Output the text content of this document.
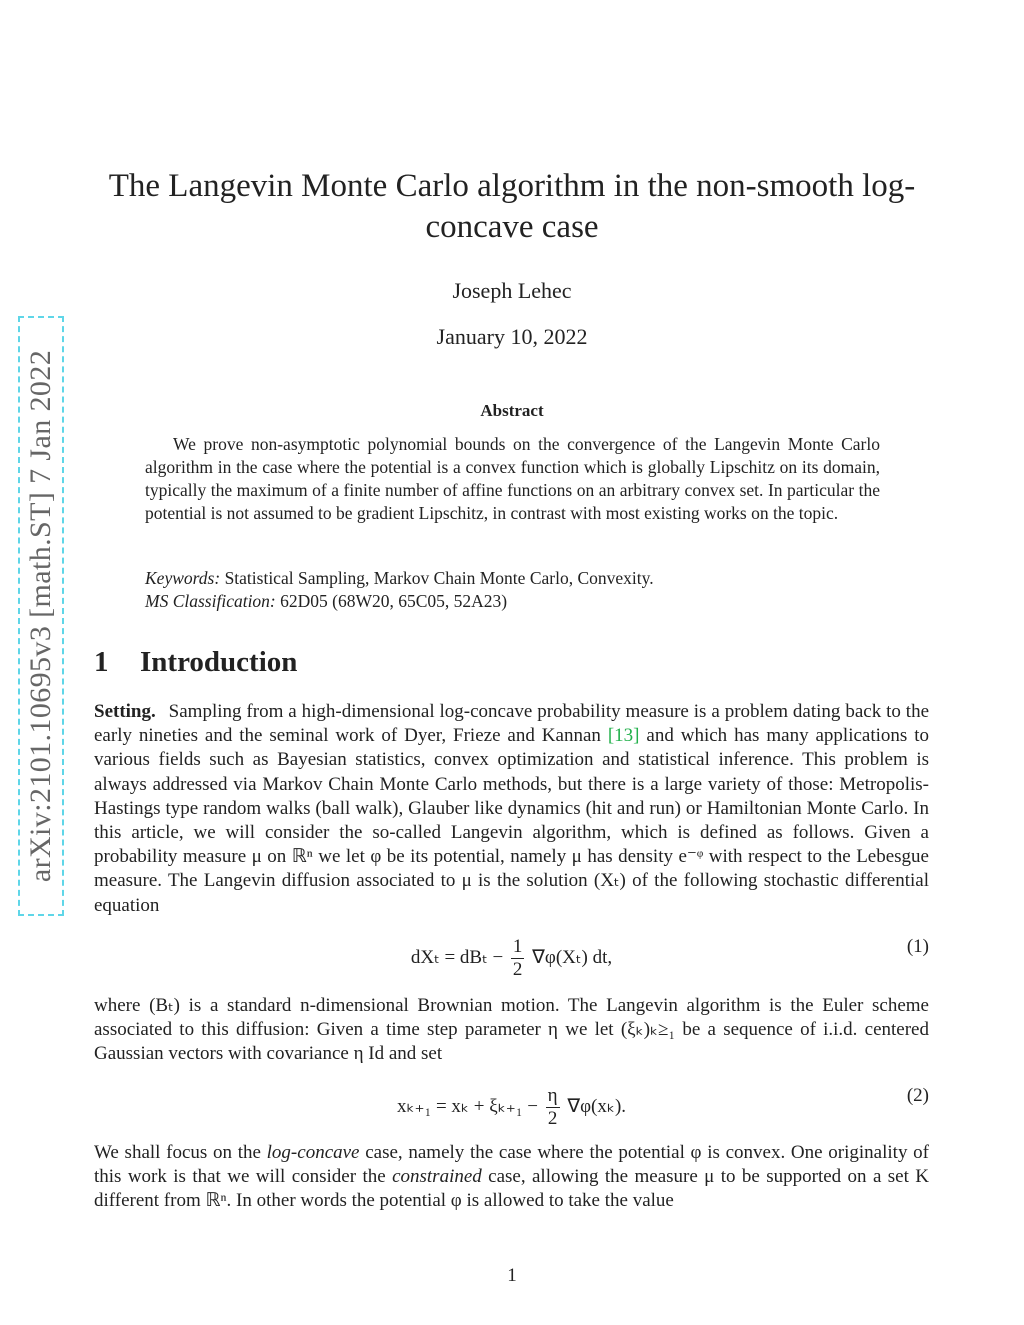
arXiv:2101.10695v3 [math.ST] 7 Jan 2022
The Langevin Monte Carlo algorithm in the non-smooth log-concave case
Joseph Lehec
January 10, 2022
Abstract
We prove non-asymptotic polynomial bounds on the convergence of the Langevin Monte Carlo algorithm in the case where the potential is a convex function which is globally Lipschitz on its domain, typically the maximum of a finite number of affine functions on an arbitrary convex set. In particular the potential is not assumed to be gradient Lipschitz, in contrast with most existing works on the topic.
Keywords: Statistical Sampling, Markov Chain Monte Carlo, Convexity.
MS Classification: 62D05 (68W20, 65C05, 52A23)
1 Introduction
Setting. Sampling from a high-dimensional log-concave probability measure is a problem dating back to the early nineties and the seminal work of Dyer, Frieze and Kannan [13] and which has many applications to various fields such as Bayesian statistics, convex optimization and statistical inference. This problem is always addressed via Markov Chain Monte Carlo methods, but there is a large variety of those: Metropolis-Hastings type random walks (ball walk), Glauber like dynamics (hit and run) or Hamiltonian Monte Carlo. In this article, we will consider the so-called Langevin algorithm, which is defined as follows. Given a probability measure μ on ℝⁿ we let φ be its potential, namely μ has density e⁻ᵠ with respect to the Lebesgue measure. The Langevin diffusion associated to μ is the solution (Xₜ) of the following stochastic differential equation
$dX_t = dB_t - \frac{1}{2} \nabla\varphi(X_t)$ dt,
(1)
where (Bₜ) is a standard n-dimensional Brownian motion. The Langevin algorithm is the Euler scheme associated to this diffusion: Given a time step parameter η we let (ξₖ)ₖ≥₁ be a sequence of i.i.d. centered Gaussian vectors with covariance η Id and set
$x_{k+1} = x_k + \xi_{k+1} - \frac{\eta}{2} \nabla\varphi(x_k)$.
(2)
We shall focus on the log-concave case, namely the case where the potential φ is convex. One originality of this work is that we will consider the constrained case, allowing the measure μ to be supported on a set K different from ℝⁿ. In other words the potential φ is allowed to take the value
1
